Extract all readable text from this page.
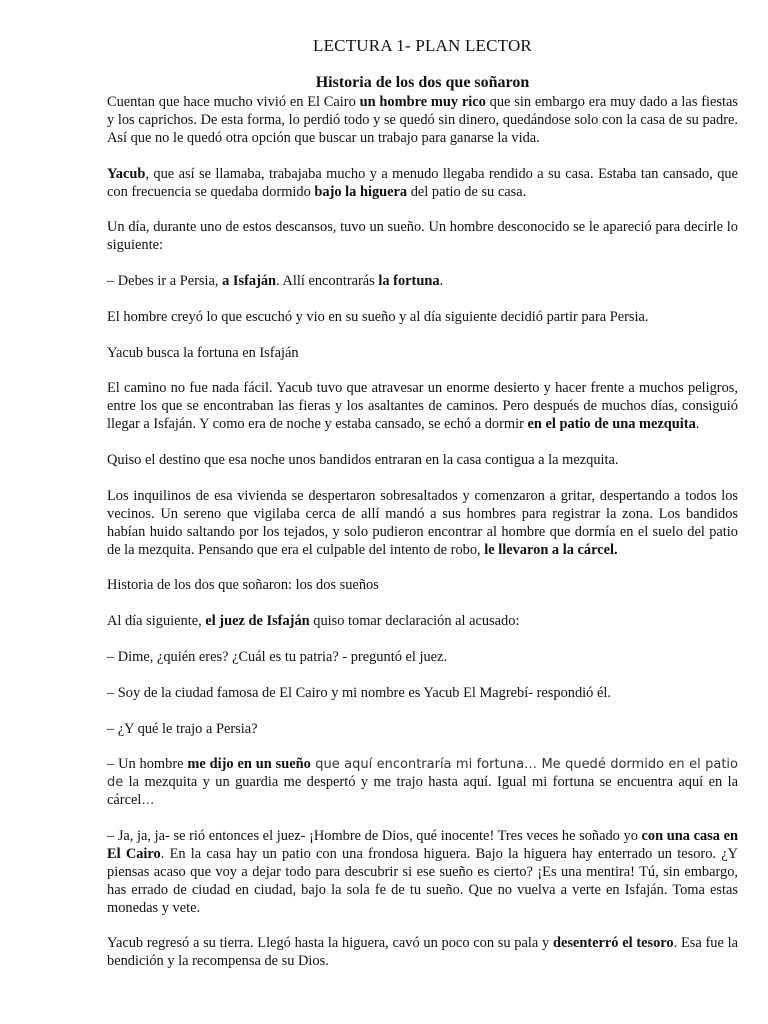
LECTURA 1- PLAN LECTOR
Historia de los dos que soñaron

Cuentan que hace mucho vivió en El Cairo un hombre muy rico que sin embargo era muy dado a las fiestas y los caprichos. De esta forma, lo perdió todo y se quedó sin dinero, quedándose solo con la casa de su padre. Así que no le quedó otra opción que buscar un trabajo para ganarse la vida.

Yacub, que así se llamaba, trabajaba mucho y a menudo llegaba rendido a su casa. Estaba tan cansado, que con frecuencia se quedaba dormido bajo la higuera del patio de su casa.

Un día, durante uno de estos descansos, tuvo un sueño. Un hombre desconocido se le apareció para decirle lo siguiente:

– Debes ir a Persia, a Isfaján. Allí encontrarás la fortuna.

El hombre creyó lo que escuchó y vio en su sueño y al día siguiente decidió partir para Persia.

Yacub busca la fortuna en Isfaján

El camino no fue nada fácil. Yacub tuvo que atravesar un enorme desierto y hacer frente a muchos peligros, entre los que se encontraban las fieras y los asaltantes de caminos. Pero después de muchos días, consiguió llegar a Isfaján. Y como era de noche y estaba cansado, se echó a dormir en el patio de una mezquita.

Quiso el destino que esa noche unos bandidos entraran en la casa contigua a la mezquita.

Los inquilinos de esa vivienda se despertaron sobresaltados y comenzaron a gritar, despertando a todos los vecinos. Un sereno que vigilaba cerca de allí mandó a sus hombres para registrar la zona. Los bandidos habían huido saltando por los tejados, y solo pudieron encontrar al hombre que dormía en el suelo del patio de la mezquita. Pensando que era el culpable del intento de robo, le llevaron a la cárcel.

Historia de los dos que soñaron: los dos sueños

Al día siguiente, el juez de Isfaján quiso tomar declaración al acusado:

– Dime, ¿quién eres? ¿Cuál es tu patria? - preguntó el juez.

– Soy de la ciudad famosa de El Cairo y mi nombre es Yacub El Magrebí- respondió él.

– ¿Y qué le trajo a Persia?

– Un hombre me dijo en un sueño que aquí encontraría mi fortuna… Me quedé dormido en el patio de la mezquita y un guardia me despertó y me trajo hasta aquí. Igual mi fortuna se encuentra aquí en la cárcel…

– Ja, ja, ja- se rió entonces el juez- ¡Hombre de Dios, qué inocente! Tres veces he soñado yo con una casa en El Cairo. En la casa hay un patio con una frondosa higuera. Bajo la higuera hay enterrado un tesoro. ¿Y piensas acaso que voy a dejar todo para descubrir si ese sueño es cierto? ¡Es una mentira! Tú, sin embargo, has errado de ciudad en ciudad, bajo la sola fe de tu sueño. Que no vuelva a verte en Isfaján. Toma estas monedas y vete.

Yacub regresó a su tierra. Llegó hasta la higuera, cavó un poco con su pala y desenterró el tesoro. Esa fue la bendición y la recompensa de su Dios.
